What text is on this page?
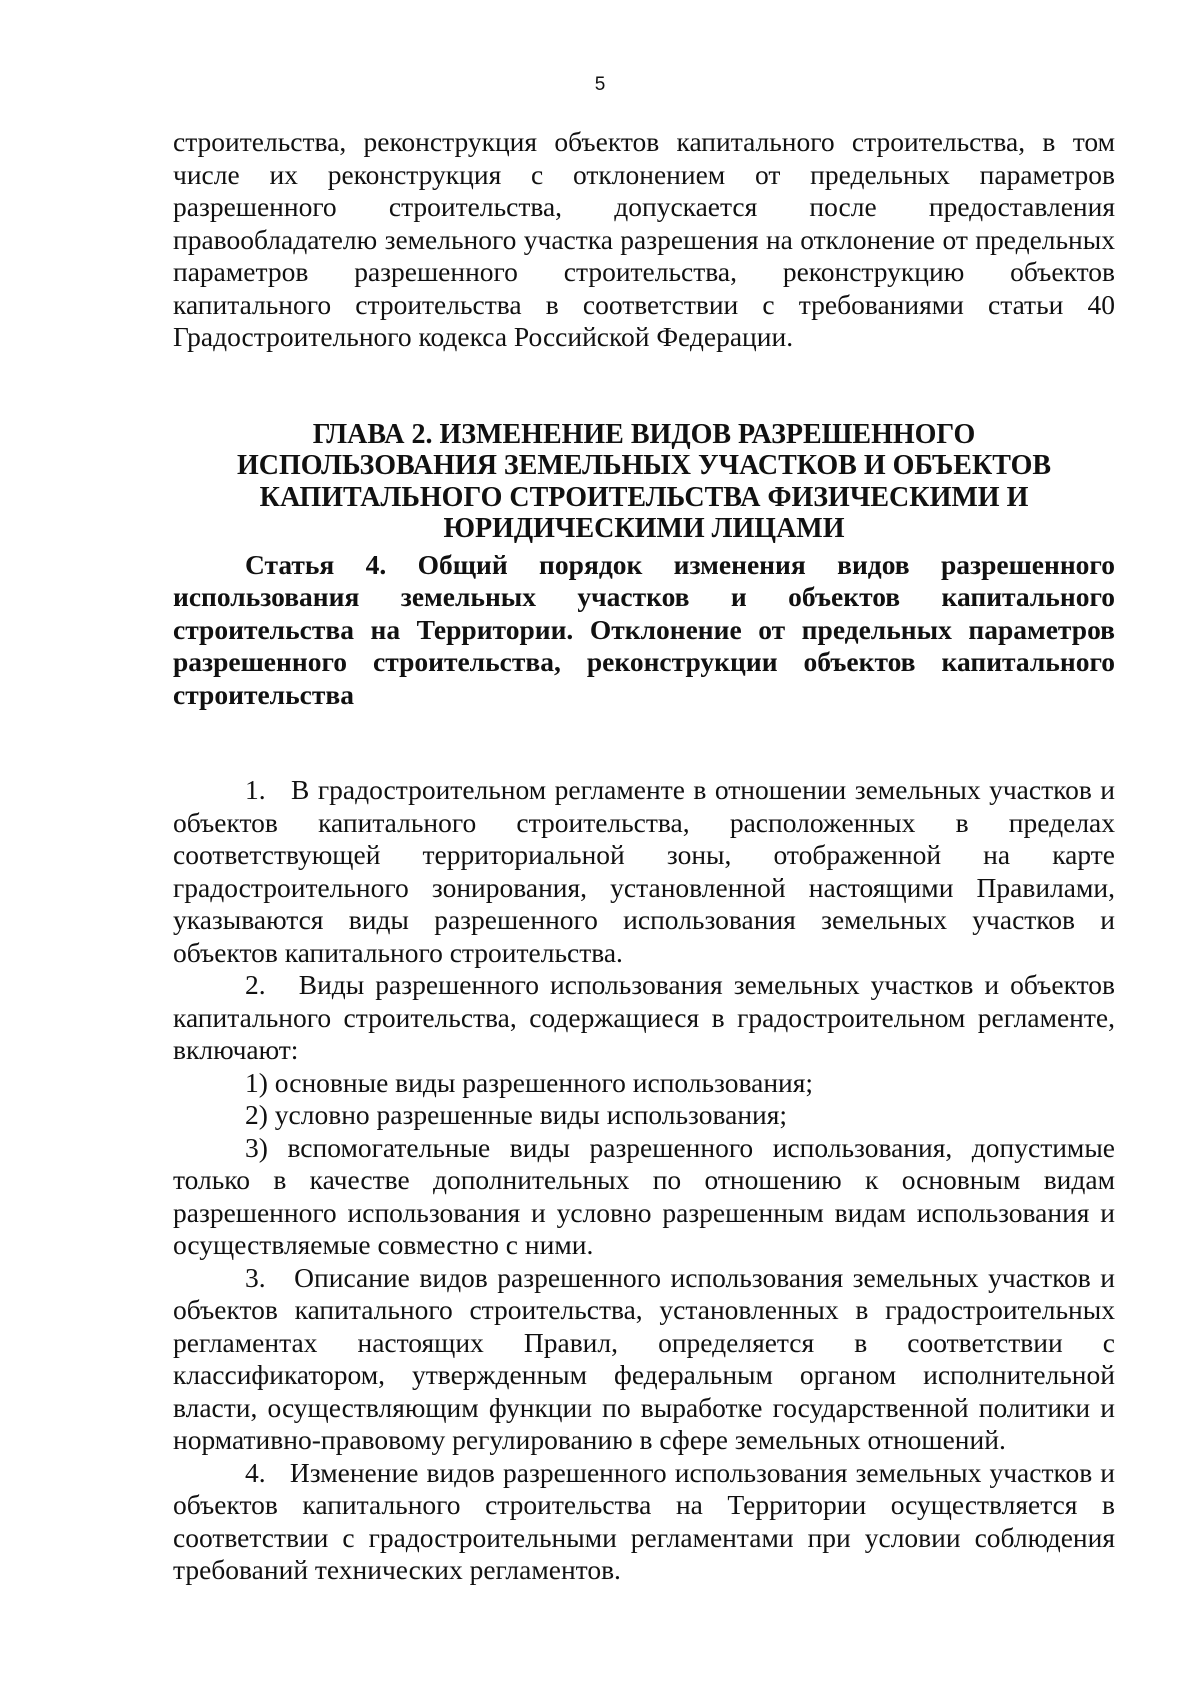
5

строительства, реконструкция объектов капитального строительства, в том числе их реконструкция с отклонением от предельных параметров разрешенного строительства, допускается после предоставления правообладателю земельного участка разрешения на отклонение от предельных параметров разрешенного строительства, реконструкцию объектов капитального строительства в соответствии с требованиями статьи 40 Градостроительного кодекса Российской Федерации.

ГЛАВА 2. ИЗМЕНЕНИЕ ВИДОВ РАЗРЕШЕННОГО
ИСПОЛЬЗОВАНИЯ ЗЕМЕЛЬНЫХ УЧАСТКОВ И ОБЪЕКТОВ
КАПИТАЛЬНОГО СТРОИТЕЛЬСТВА ФИЗИЧЕСКИМИ И
ЮРИДИЧЕСКИМИ ЛИЦАМИ

Статья 4. Общий порядок изменения видов разрешенного использования земельных участков и объектов капитального строительства на Территории. Отклонение от предельных параметров разрешенного строительства, реконструкции объектов капитального строительства

1. В градостроительном регламенте в отношении земельных участков и объектов капитального строительства, расположенных в пределах соответствующей территориальной зоны, отображенной на карте градостроительного зонирования, установленной настоящими Правилами, указываются виды разрешенного использования земельных участков и объектов капитального строительства.

2. Виды разрешенного использования земельных участков и объектов капитального строительства, содержащиеся в градостроительном регламенте, включают:

1) основные виды разрешенного использования;

2) условно разрешенные виды использования;

3) вспомогательные виды разрешенного использования, допустимые только в качестве дополнительных по отношению к основным видам разрешенного использования и условно разрешенным видам использования и осуществляемые совместно с ними.

3. Описание видов разрешенного использования земельных участков и объектов капитального строительства, установленных в градостроительных регламентах настоящих Правил, определяется в соответствии с классификатором, утвержденным федеральным органом исполнительной власти, осуществляющим функции по выработке государственной политики и нормативно-правовому регулированию в сфере земельных отношений.

4. Изменение видов разрешенного использования земельных участков и объектов капитального строительства на Территории осуществляется в соответствии с градостроительными регламентами при условии соблюдения требований технических регламентов.
